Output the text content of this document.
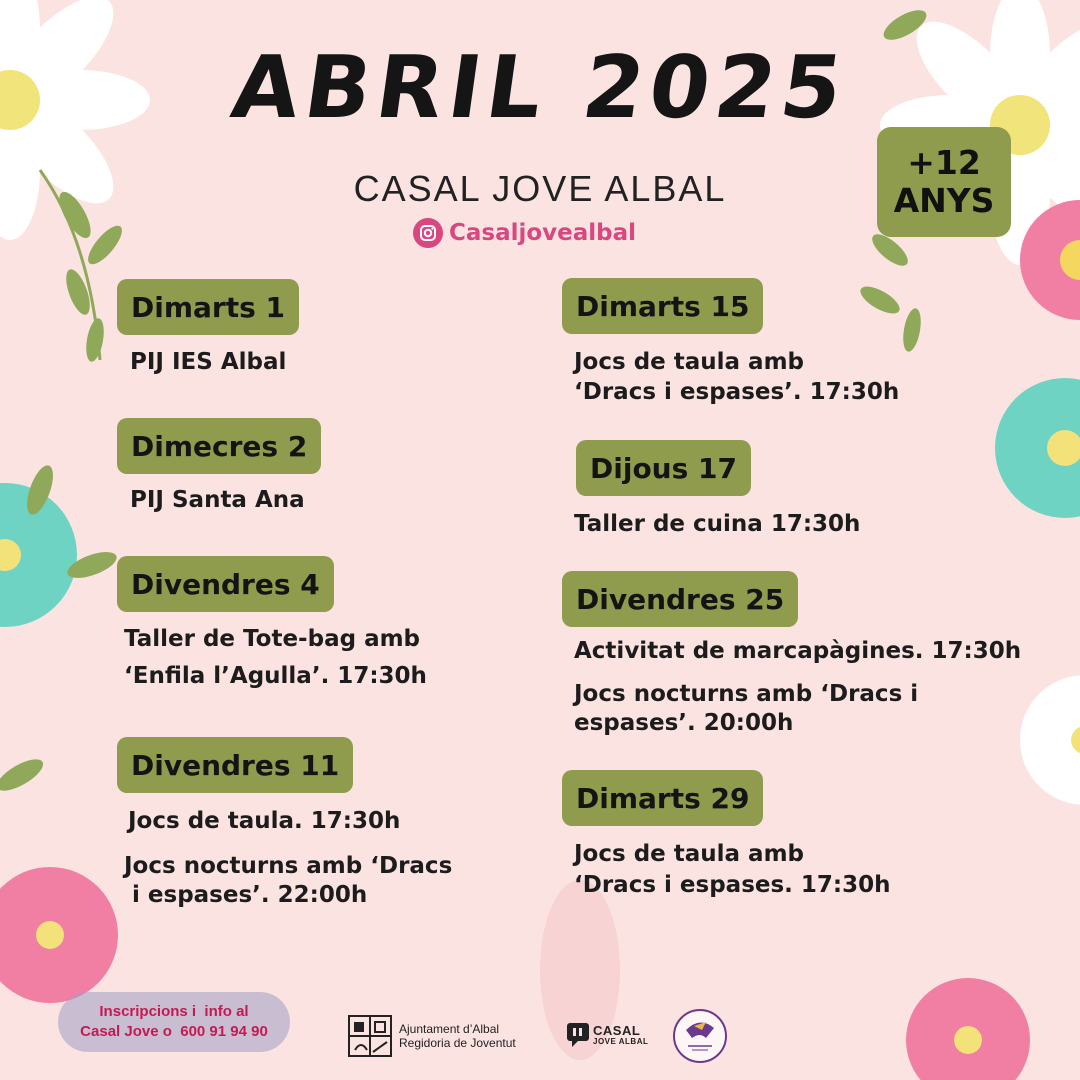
ABRIL 2025
CASAL JOVE ALBAL
Casaljovealbal
+12
ANYS
Dimarts 1
PIJ IES Albal
Dimecres 2
PIJ Santa Ana
Divendres 4
Taller de Tote-bag amb
‘Enfila l’Agulla’. 17:30h
Divendres 11
Jocs de taula. 17:30h
Jocs nocturns amb ‘Dracs
i espases’. 22:00h
Dimarts 15
Jocs de taula amb
‘Dracs i espases’. 17:30h
Dijous 17
Taller de cuina 17:30h
Divendres 25
Activitat de marcapàgines. 17:30h
Jocs nocturns amb ‘Dracs i
espases’. 20:00h
Dimarts 29
Jocs de taula amb
‘Dracs i espases. 17:30h
Inscripcions i  info al
Casal Jove o  600 91 94 90	Ajuntament d’Albal
Regidoria de Joventut
CASAL
JOVE ALBAL
